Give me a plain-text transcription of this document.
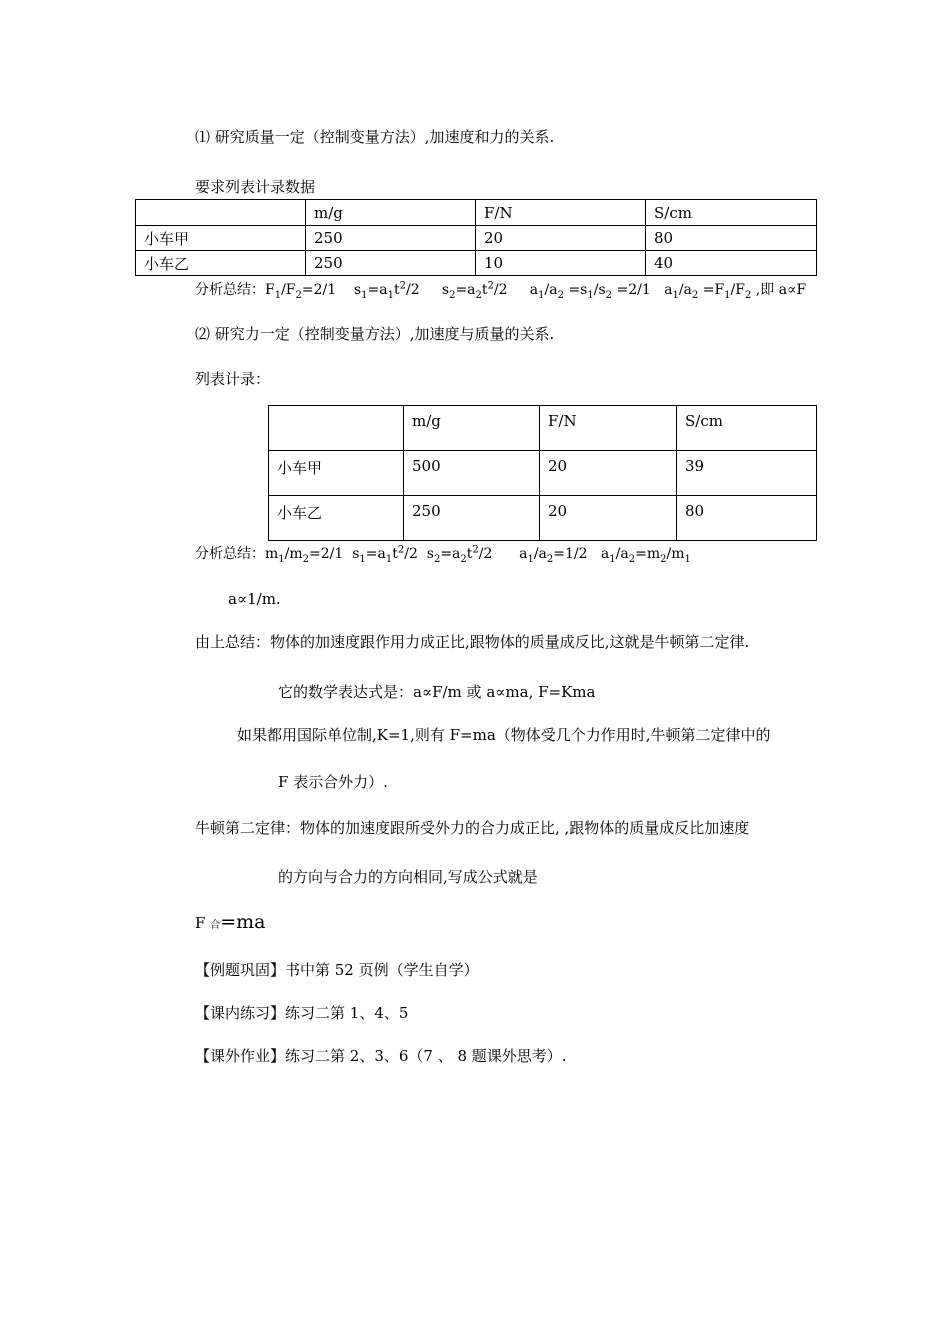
⑴ 研究质量一定（控制变量方法）,加速度和力的关系.
要求列表计录数据
	m/g	F/N	S/cm
小车甲	250	20	80
小车乙	250	10	40
分析总结：$F_1/F_2=2/1$    $s_1=a_1t^2/2$     $s_2=a_2t^2/2$     $a_1/a_2 =s_1/s_2 =2/1$   $a_1/a_2 =F_1/F_2$ ,即 a∝F
⑵ 研究力一定（控制变量方法）,加速度与质量的关系.
列表计录：
	m/g	F/N	S/cm
小车甲	500	20	39
小车乙	250	20	80
分析总结：$m_1/m_2=2/1$  $s_1=a_1t^2/2$  $s_2=a_2t^2/2$      $a_1/a_2=1/2$   $a_1/a_2=m_2/m_1$
a∝1/m.
由上总结：物体的加速度跟作用力成正比,跟物体的质量成反比,这就是牛顿第二定律.
它的数学表达式是：a∝F/m 或 a∝ma, F=Kma
如果都用国际单位制,K=1,则有 F=ma（物体受几个力作用时,牛顿第二定律中的
F 表示合外力）.
牛顿第二定律：物体的加速度跟所受外力的合力成正比, ,跟物体的质量成反比加速度
的方向与合力的方向相同,写成公式就是
F 合=ma
【例题巩固】书中第 52 页例（学生自学）
【课内练习】练习二第 1、4、5
【课外作业】练习二第 2、3、6（7 、 8 题课外思考）.
